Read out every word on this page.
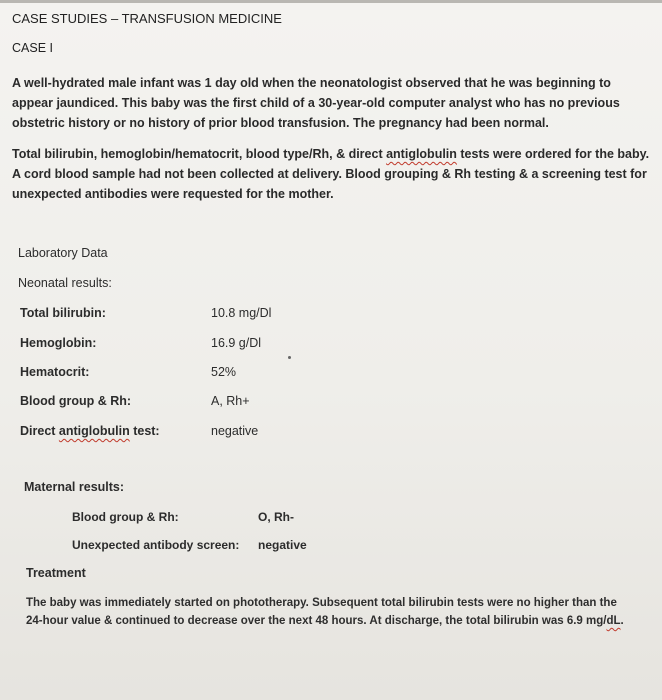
CASE STUDIES – TRANSFUSION MEDICINE
CASE I
A well-hydrated male infant was 1 day old when the neonatologist observed that he was beginning to appear jaundiced. This baby was the first child of a 30-year-old computer analyst who has no previous obstetric history or no history of prior blood transfusion. The pregnancy had been normal.
Total bilirubin, hemoglobin/hematocrit, blood type/Rh, & direct antiglobulin tests were ordered for the baby. A cord blood sample had not been collected at delivery. Blood grouping & Rh testing & a screening test for unexpected antibodies were requested for the mother.
Laboratory Data
Neonatal results:
Total bilirubin:	10.8 mg/Dl
Hemoglobin:	16.9 g/Dl
Hematocrit:	52%
Blood group & Rh:	A, Rh+
Direct antiglobulin test:	negative
Maternal results:
Blood group & Rh:	O, Rh-
Unexpected antibody screen: negative
Treatment
The baby was immediately started on phototherapy. Subsequent total bilirubin tests were no higher than the 24-hour value & continued to decrease over the next 48 hours. At discharge, the total bilirubin was 6.9 mg/dL.
